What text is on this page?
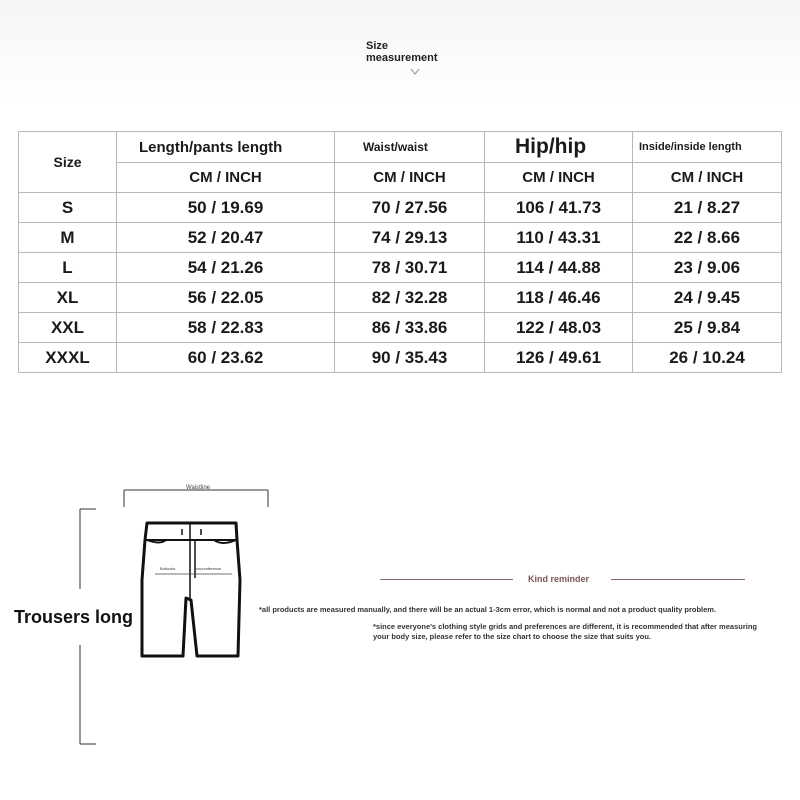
Size
measurement
Size	Length/pants length	Waist/waist	Hip/hip	Inside/inside length
	CM / INCH	CM / INCH	CM / INCH	CM / INCH
S	50 / 19.69	70 / 27.56	106 / 41.73	21 / 8.27
M	52 / 20.47	74 / 29.13	110 / 43.31	22 / 8.66
L	54 / 21.26	78 / 30.71	114 / 44.88	23 / 9.06
XL	56 / 22.05	82 / 32.28	118 / 46.46	24 / 9.45
XXL	58 / 22.83	86 / 33.86	122 / 48.03	25 / 9.84
XXXL	60 / 23.62	90 / 35.43	126 / 49.61	26 / 10.24
Buttocks	circumference
Waistline
Trousers long
Kind reminder
*all products are measured manually, and there will be an actual 1-3cm error, which is normal and not a product quality problem.
*since everyone's clothing style grids and preferences are different, it is recommended that after measuring your body size, please refer to the size chart to choose the size that suits you.
